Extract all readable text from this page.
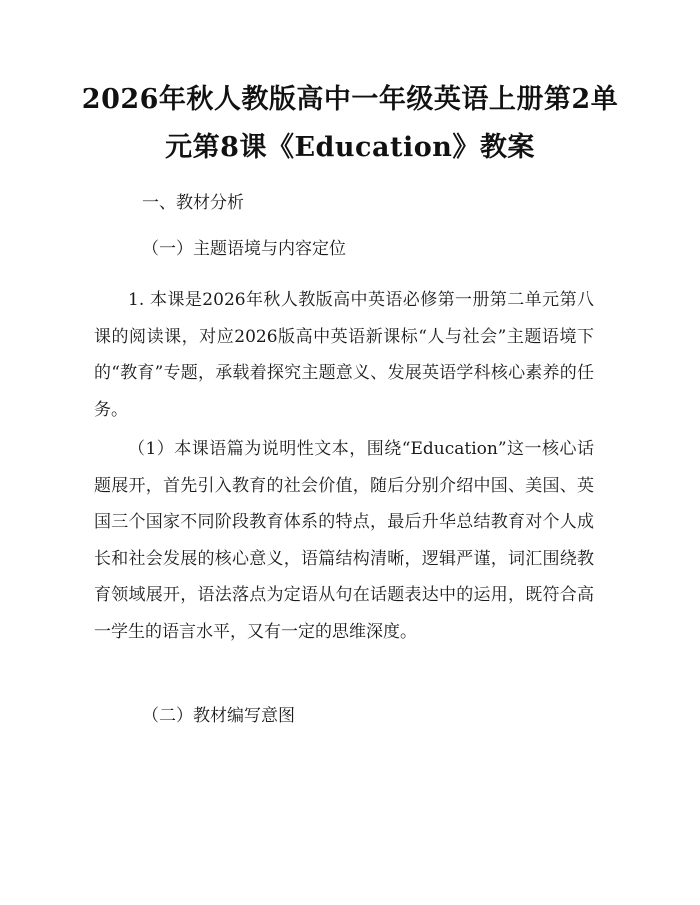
2026年秋人教版高中一年级英语上册第2单
元第8课《Education》教案
一、教材分析
（一）主题语境与内容定位
1. 本课是2026年秋人教版高中英语必修第一册第二单元第八课的阅读课，对应2026版高中英语新课标“人与社会”主题语境下的“教育”专题，承载着探究主题意义、发展英语学科核心素养的任务。
（1）本课语篇为说明性文本，围绕“Education”这一核心话题展开，首先引入教育的社会价值，随后分别介绍中国、美国、英国三个国家不同阶段教育体系的特点，最后升华总结教育对个人成长和社会发展的核心意义，语篇结构清晰，逻辑严谨，词汇围绕教育领域展开，语法落点为定语从句在话题表达中的运用，既符合高一学生的语言水平，又有一定的思维深度。
（二）教材编写意图
